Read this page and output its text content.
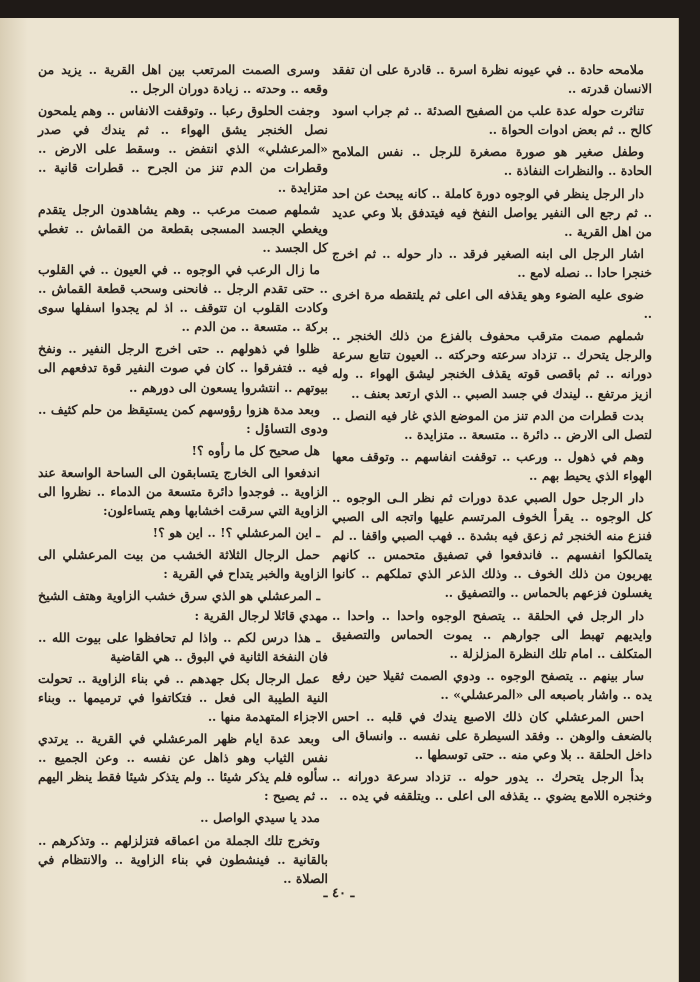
ملامحه حادة ‥ في عيونه نظرة اسرة ‥ قادرة على ان تفقد الانسان قدرته ‥

تناثرت حوله عدة علب من الصفيح الصدئة ‥ ثم جراب اسود كالح ‥ ثم بعض ادوات الحواة ‥

وطفل صغير هو صورة مصغرة للرجل ‥ نفس الملامح الحادة ‥ والنظرات النفاذة ‥

دار الرجل ينظر في الوجوه دورة كاملة ‥ كانه يبحث عن احد ‥ ثم رجع الى النفير يواصل النفخ فيه فيتدفق بلا وعي عديد من اهل القرية ‥

اشار الرجل الى ابنه الصغير فرقد ‥ دار حوله ‥ ثم اخرج خنجرا حادا ‥ نصله لامع ‥

ضوى عليه الضوء وهو يقذفه الى اعلى ثم يلتقطه مرة اخرى ‥

شملهم صمت مترقب محفوف بالفزع من ذلك الخنجر ‥ والرجل يتحرك ‥ تزداد سرعته وحركته ‥ العيون تتابع سرعة دورانه ‥ ثم باقصى قوته يقذف الخنجر ليشق الهواء ‥ وله ازيز مرتفع ‥ ليندك في جسد الصبي ‥ الذي ارتعد بعنف ‥

بدت قطرات من الدم تنز من الموضع الذي غار فيه النصل ‥ لتصل الى الارض ‥ دائرة ‥ متسعة ‥ متزايدة ‥

وهم في ذهول ‥ ورعب ‥ توقفت انفاسهم ‥ وتوقف معها الهواء الذي يحيط بهم ‥

دار الرجل حول الصبي عدة دورات ثم نظر الـى الوجوه ‥ كل الوجوه ‥ يقرأ الخوف المرتسم عليها واتجه الى الصبي فنزع منه الخنجر ثم زعق فيه بشدة ‥ فهب الصبي واقفا ‥ لم يتمالكوا انفسهم ‥ فاندفعوا في تصفيق متحمس ‥ كانهم يهربون من ذلك الخوف ‥ وذلك الذعر الذي تملكهم ‥ كانوا يغسلون فزعهم بالحماس ‥ والتصفيق ‥

دار الرجل في الحلقة ‥ يتصفح الوجوه واحدا ‥ واحدا ‥ وايديهم تهبط الى جوارهم ‥ يموت الحماس والتصفيق المتكلف ‥ امام تلك النظرة المزلزلة ‥

سار بينهم ‥ يتصفح الوجوه ‥ ودوي الصمت ثقيلا حين رفع يده ‥ واشار باصبعه الى «المرعشلي» ‥

احس المرعشلي كان ذلك الاصبع يندك في قلبه ‥ احس بالضعف والوهن ‥ وفقد السيطرة على نفسه ‥ وانساق الى داخل الحلقة ‥ بلا وعي منه ‥ حتى توسطها ‥

بدأ الرجل يتحرك ‥ يدور حوله ‥ تزداد سرعة دورانه ‥ وخنجره اللامع يضوي ‥ يقذفه الى اعلى ‥ ويتلقفه في يده ‥

وسرى الصمت المرتعب بين اهل القرية ‥ يزيد من وقعه ‥ وحدته ‥ زيادة دوران الرجل ‥

وجفت الحلوق رعبا ‥ وتوقفت الانفاس ‥ وهم يلمحون نصل الخنجر يشق الهواء ‥ ثم يندك في صدر «المرعشلي» الذي انتفض ‥ وسقط على الارض ‥ وقطرات من الدم تنز من الجرح ‥ قطرات قانية ‥ متزايدة ‥

شملهم صمت مرعب ‥ وهم يشاهدون الرجل يتقدم ويغطي الجسد المسجى بقطعة من القماش ‥ تغطي كل الجسد ‥

ما زال الرعب في الوجوه ‥ في العيون ‥ في القلوب ‥ حتى تقدم الرجل ‥ فانحنى وسحب قطعة القماش ‥ وكادت القلوب ان تتوقف ‥ اذ لم يجدوا اسفلها سوى بركة ‥ متسعة ‥ من الدم ‥

ظلوا في ذهولهم ‥ حتى اخرج الرجل النفير ‥ ونفخ فيه ‥ فتفرقوا ‥ كان في صوت النفير قوة تدفعهم الى بيوتهم ‥ انتشروا يسعون الى دورهم ‥

وبعد مدة هزوا رؤوسهم كمن يستيقظ من حلم كثيف ‥ ودوى التساؤل :

هل صحيح كل ما رأوه ؟!

اندفعوا الى الخارج يتسابقون الى الساحة الواسعة عند الزاوية ‥ فوجدوا دائرة متسعة من الدماء ‥ نظروا الى الزاوية التي سرقت اخشابها وهم يتساءلون:

ـ اين المرعشلي ؟! ‥ اين هو ؟!

حمل الرجال الثلاثة الخشب من بيت المرعشلي الى الزاوية والخبر يتداح في القرية :

ـ المرعشلي هو الذي سرق خشب الزاوية وهتف الشيخ مهدي قائلا لرجال القرية :

ـ هذا درس لكم ‥ واذا لم تحافظوا على بيوت الله ‥ فان النفخة الثانية في البوق ‥ هي القاضية

عمل الرجال بكل جهدهم ‥ في بناء الزاوية ‥ تحولت النية الطيبة الى فعل ‥ فتكاتفوا في ترميمها ‥ وبناء الاجزاء المتهدمة منها ‥

وبعد عدة ايام ظهر المرعشلي في القرية ‥ يرتدي نفس الثياب وهو ذاهل عن نفسه ‥ وعن الجميع ‥ سألوه فلم يذكر شيئا ‥ ولم يتذكر شيئا فقط ينظر اليهم ‥ ثم يصيح :

مدد يا سيدي الواصل ‥

وتخرج تلك الجملة من اعماقه فتزلزلهم ‥ وتذكرهم ‥ بالقانية ‥ فينشطون في بناء الزاوية ‥ والانتظام في الصلاة ‥

ـ ٤٠ ـ
